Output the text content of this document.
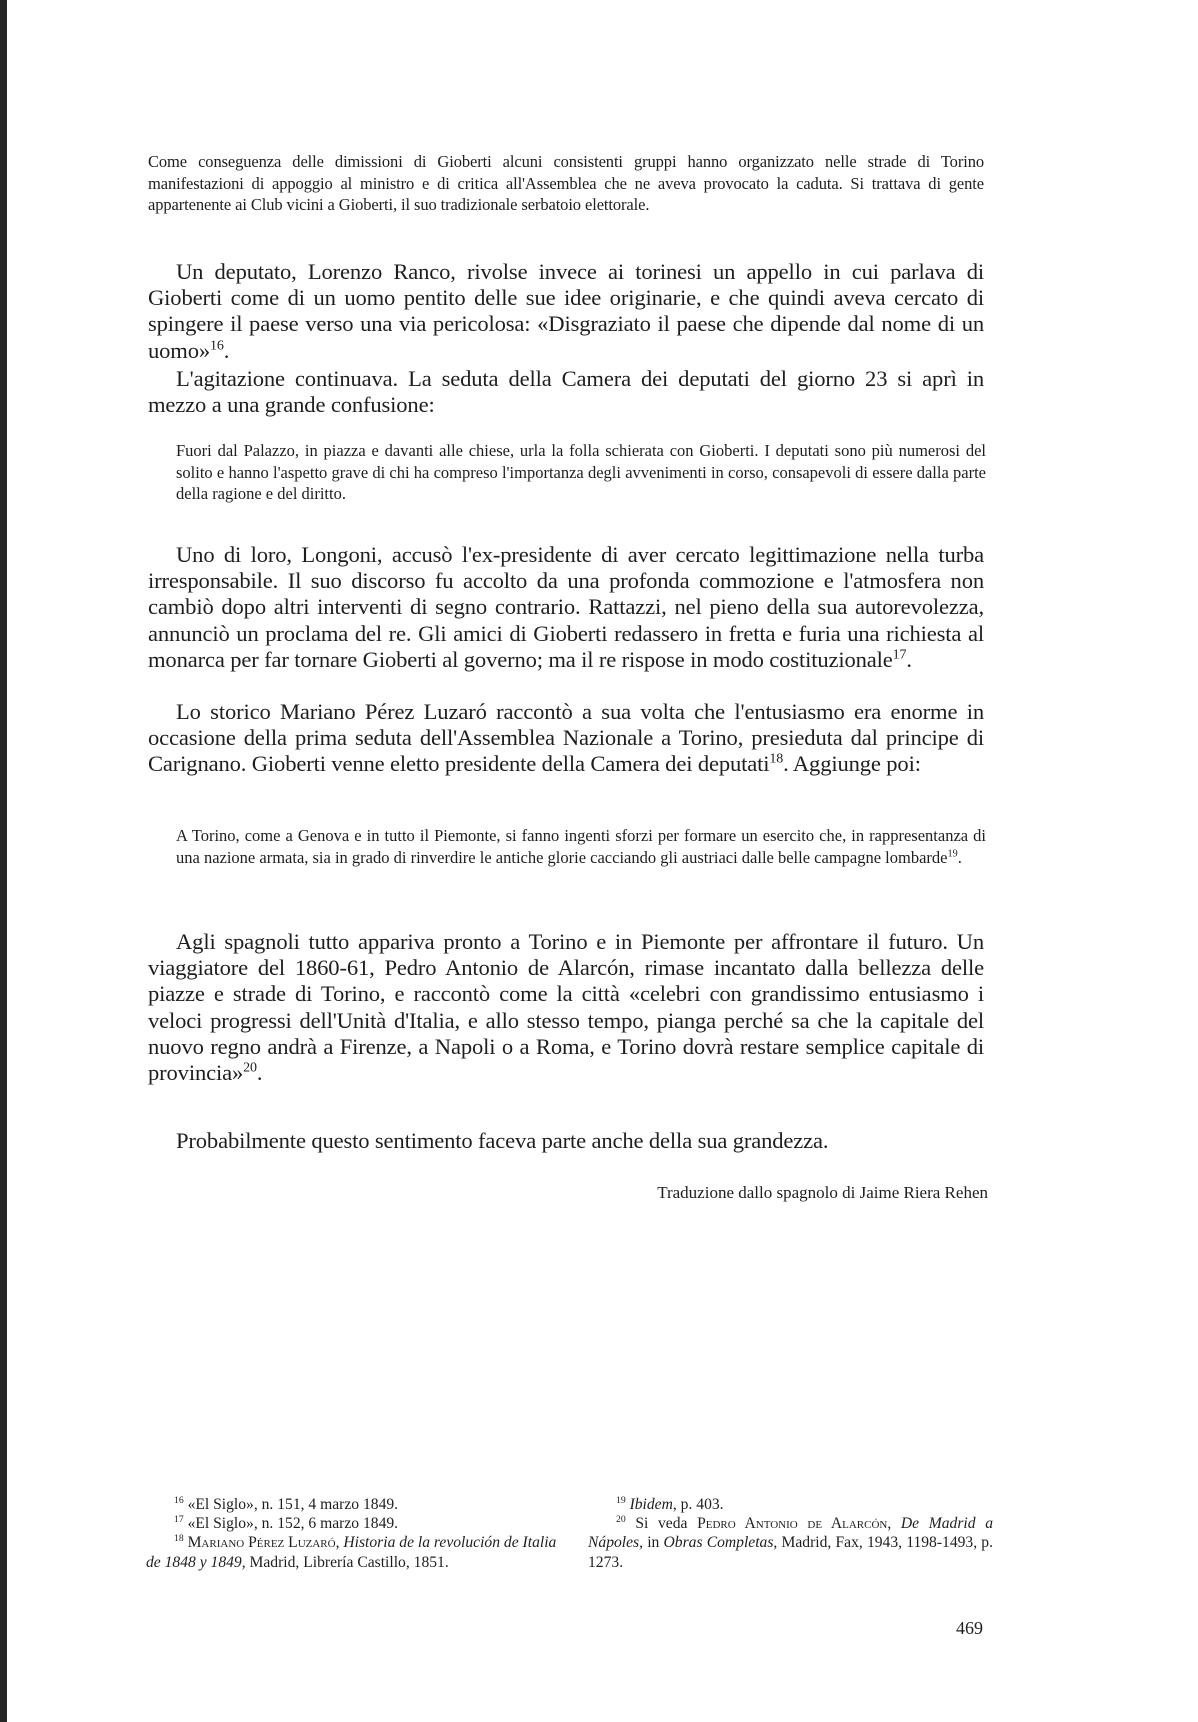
Come conseguenza delle dimissioni di Gioberti alcuni consistenti gruppi hanno organizzato nelle strade di Torino manifestazioni di appoggio al ministro e di critica all'Assemblea che ne aveva provocato la caduta. Si trattava di gente appartenente ai Club vicini a Gioberti, il suo tradizionale serbatoio elettorale.

Un deputato, Lorenzo Ranco, rivolse invece ai torinesi un appello in cui parlava di Gioberti come di un uomo pentito delle sue idee originarie, e che quindi aveva cercato di spingere il paese verso una via pericolosa: «Disgraziato il paese che dipende dal nome di un uomo»$^{16}$.

L'agitazione continuava. La seduta della Camera dei deputati del giorno 23 si aprì in mezzo a una grande confusione:

Fuori dal Palazzo, in piazza e davanti alle chiese, urla la folla schierata con Gioberti. I deputati sono più numerosi del solito e hanno l'aspetto grave di chi ha compreso l'importanza degli avvenimenti in corso, consapevoli di essere dalla parte della ragione e del diritto.

Uno di loro, Longoni, accusò l'ex-presidente di aver cercato legittimazione nella turba irresponsabile. Il suo discorso fu accolto da una profonda commozione e l'atmosfera non cambiò dopo altri interventi di segno contrario. Rattazzi, nel pieno della sua autorevolezza, annunciò un proclama del re. Gli amici di Gioberti redassero in fretta e furia una richiesta al monarca per far tornare Gioberti al governo; ma il re rispose in modo costituzionale$^{17}$.

Lo storico Mariano Pérez Luzaró raccontò a sua volta che l'entusiasmo era enorme in occasione della prima seduta dell'Assemblea Nazionale a Torino, presieduta dal principe di Carignano. Gioberti venne eletto presidente della Camera dei deputati$^{18}$. Aggiunge poi:

A Torino, come a Genova e in tutto il Piemonte, si fanno ingenti sforzi per formare un esercito che, in rappresentanza di una nazione armata, sia in grado di rinverdire le antiche glorie cacciando gli austriaci dalle belle campagne lombarde$^{19}$.

Agli spagnoli tutto appariva pronto a Torino e in Piemonte per affrontare il futuro. Un viaggiatore del 1860-61, Pedro Antonio de Alarcón, rimase incantato dalla bellezza delle piazze e strade di Torino, e raccontò come la città «celebri con grandissimo entusiasmo i veloci progressi dell'Unità d'Italia, e allo stesso tempo, pianga perché sa che la capitale del nuovo regno andrà a Firenze, a Napoli o a Roma, e Torino dovrà restare semplice capitale di provincia»$^{20}$.

Probabilmente questo sentimento faceva parte anche della sua grandezza.

Traduzione dallo spagnolo di Jaime Riera Rehen

$^{16}$ «El Siglo», n. 151, 4 marzo 1849.
$^{17}$ «El Siglo», n. 152, 6 marzo 1849.
$^{18}$ Mariano Pérez Luzaró, Historia de la revolución de Italia de 1848 y 1849, Madrid, Librería Castillo, 1851.
$^{19}$ Ibidem, p. 403.
$^{20}$ Si veda Pedro Antonio de Alarcón, De Madrid a Nápoles, in Obras Completas, Madrid, Fax, 1943, 1198-1493, p. 1273.

469
